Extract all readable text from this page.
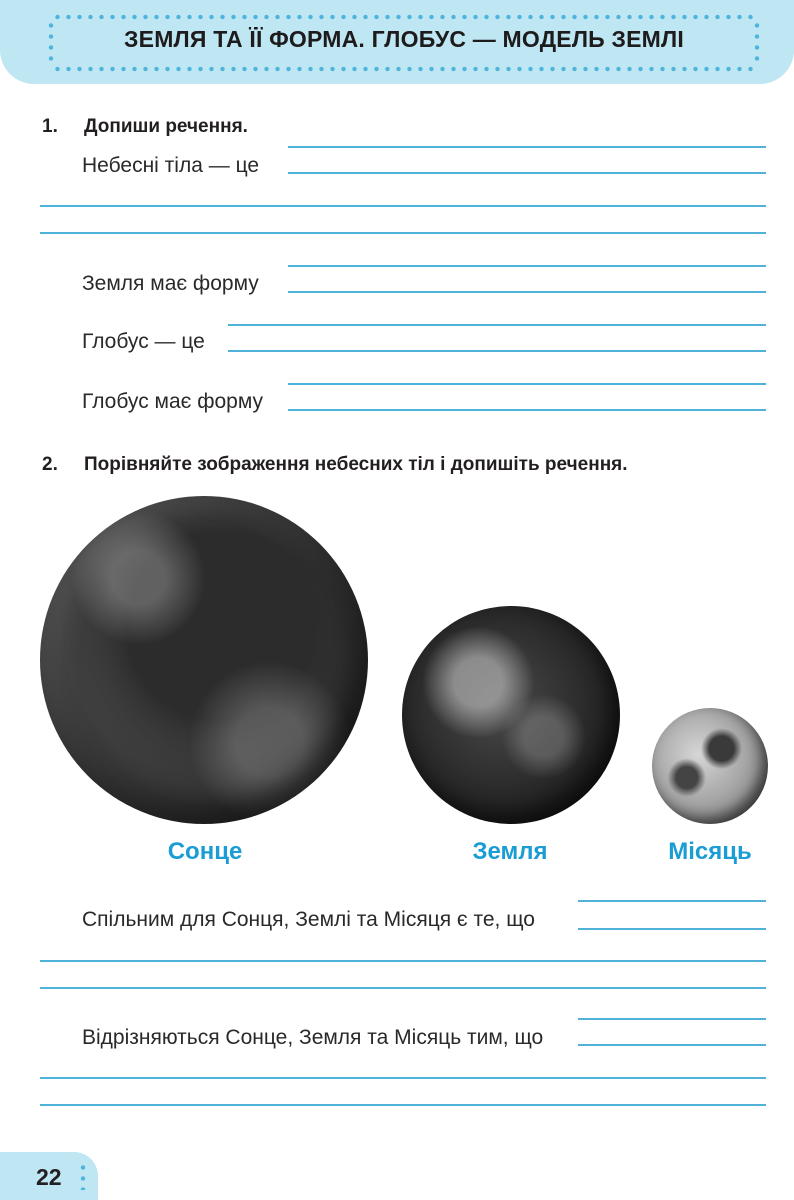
ЗЕМЛЯ ТА ЇЇ ФОРМА. ГЛОБУС — МОДЕЛЬ ЗЕМЛІ
1. Допиши речення.
Небесні тіла — це
Земля має форму
Глобус — це
Глобус має форму
2. Порівняйте зображення небесних тіл і допишіть речення.
Сонце	Земля	Місяць
Спільним для Сонця, Землі та Місяця є те, що
Відрізняються Сонце, Земля та Місяць тим, що
22
